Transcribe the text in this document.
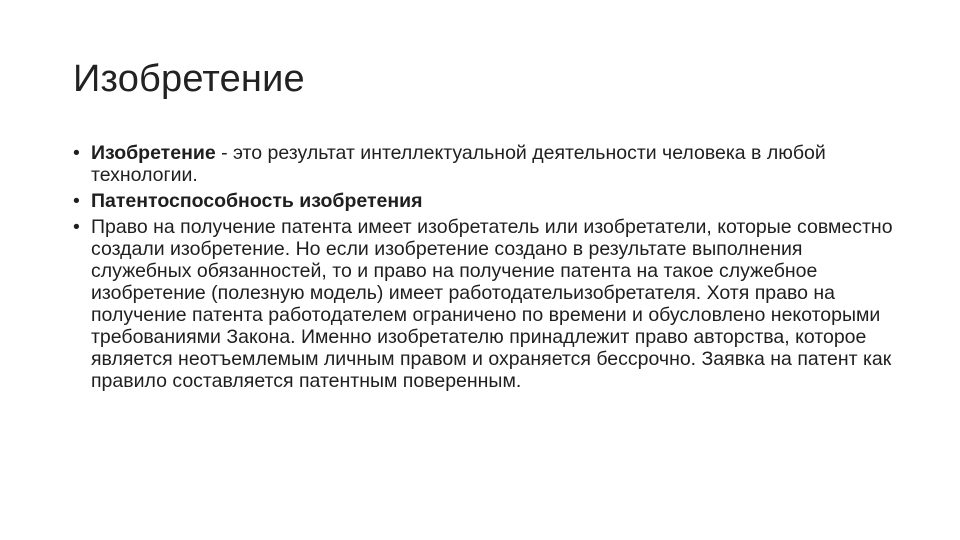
Изобретение
• Изобретение - это результат интеллектуальной деятельности человека в любой технологии.
• Патентоспособность изобретения
• Право на получение патента имеет изобретатель или изобретатели, которые совместно создали изобретение. Но если изобретение создано в результате выполнения служебных обязанностей, то и право на получение патента на такое служебное изобретение (полезную модель) имеет работодательизобретателя. Хотя право на получение патента работодателем ограничено по времени и обусловлено некоторыми требованиями Закона. Именно изобретателю принадлежит право авторства, которое является неотъемлемым личным правом и охраняется бессрочно. Заявка на патент как правило составляется патентным поверенным.
